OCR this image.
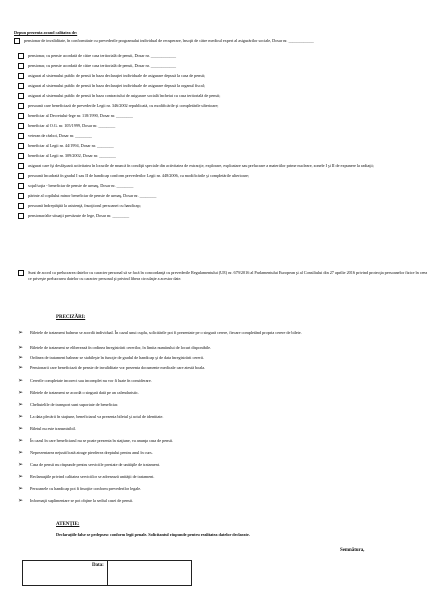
Depun prezenta avand calitatea de:
pensionar de invaliditate, în conformitate cu prevederile programului individual de recuperare, însoţit de către medicul expert al asigurărilor sociale, Dosar nr. ____________
pensionar, cu pensie acordată de către casa teritorială de pensii, Dosar nr. ____________
pensionar, cu pensie acordată de către casa teritorială de pensii, Dosar nr. ____________
asigurat al sistemului public de pensii în baza declaraţiei individuale de asigurare depusă la casa de pensii;
asigurat al sistemului public de pensii în baza declaraţiei individuale de asigurare depusă la organul fiscal;
asigurat al sistemului public de pensii în baza contractului de asigurare socială încheiat cu casa teritorială de pensii;
persoană care beneficiază de prevederile Legii nr. 346/2002 republicată, cu modificările şi completările ulterioare;
beneficiar al Decretului-lege nr. 118/1990, Dosar nr. ________
beneficiar al O.G. nr. 105/1999, Dosar nr. ________
veteran de război, Dosar nr. ________
beneficiar al Legii nr. 44/1994, Dosar nr. ________
beneficiar al Legii nr. 309/2002, Dosar nr. ________
asigurat care îşi desfăşoară activitatea în locurile de muncă în condiţii speciale din activitatea de extracţie, explorare, exploatare sau prelucrare a materiilor prime nucleare, zonele I şi II de expunere la radiaţii;
persoană încadrată în gradul I sau II de handicap conform prevederilor Legii nr. 448/2006, cu modificările şi completările ulterioare;
soţul/soţia - beneficiar de pensie de urmaş, Dosar nr. ________
părinte al copilului minor beneficiar de pensie de urmaş, Dosar nr. ________
persoană îndreptăţită la asistenţă, însoţitorul persoanei cu handicap;
pensionar/alte situaţii prevăzute de lege, Dosar nr. ________
Sunt de acord ca prelucrarea datelor cu caracter personal să se facă în concordanţă cu prevederile Regulamentului (UE) nr. 679/2016 al Parlamentului European şi al Consiliului din 27 aprilie 2016 privind protecţia persoanelor fizice în ceea ce priveşte prelucrarea datelor cu caracter personal şi privind libera circulaţie a acestor date.
PRECIZĂRI:
➢ Biletele de tratament balnear se acordă individual. În cazul unui cuplu, solicitările pot fi prezentate pe o singură cerere, fiecare completând propria cerere de bilete.
➢ Biletele de tratament se eliberează în ordinea înregistrării cererilor, în limita numărului de locuri disponibile.
➢ Ordinea de tratament balnear se stabileşte în funcţie de gradul de handicap şi de data înregistrării cererii.
➢ Pensionarii care beneficiază de pensie de invaliditate vor prezenta documente medicale care atestă boala.
➢ Cererile completate incorect sau incomplet nu vor fi luate în considerare.
➢ Biletele de tratament se acordă o singură dată pe an calendaristic.
➢ Cheltuielile de transport sunt suportate de beneficiar.
➢ La data plecării în staţiune, beneficiarul va prezenta biletul şi actul de identitate.
➢ Biletul nu este transmisibil.
➢ În cazul în care beneficiarul nu se poate prezenta în staţiune, va anunţa casa de pensii.
➢ Neprezentarea nejustificată atrage pierderea dreptului pentru anul în curs.
➢ Casa de pensii nu răspunde pentru serviciile prestate de unităţile de tratament.
➢ Reclamaţiile privind calitatea serviciilor se adresează unităţii de tratament.
➢ Persoanele cu handicap pot fi însoţite conform prevederilor legale.
➢ Informaţii suplimentare se pot obţine la sediul casei de pensii.
ATENŢIE:
Declaraţiile false se pedepsesc conform legii penale. Solicitantul răspunde pentru realitatea datelor declarate.

Data:
Semnătura,
